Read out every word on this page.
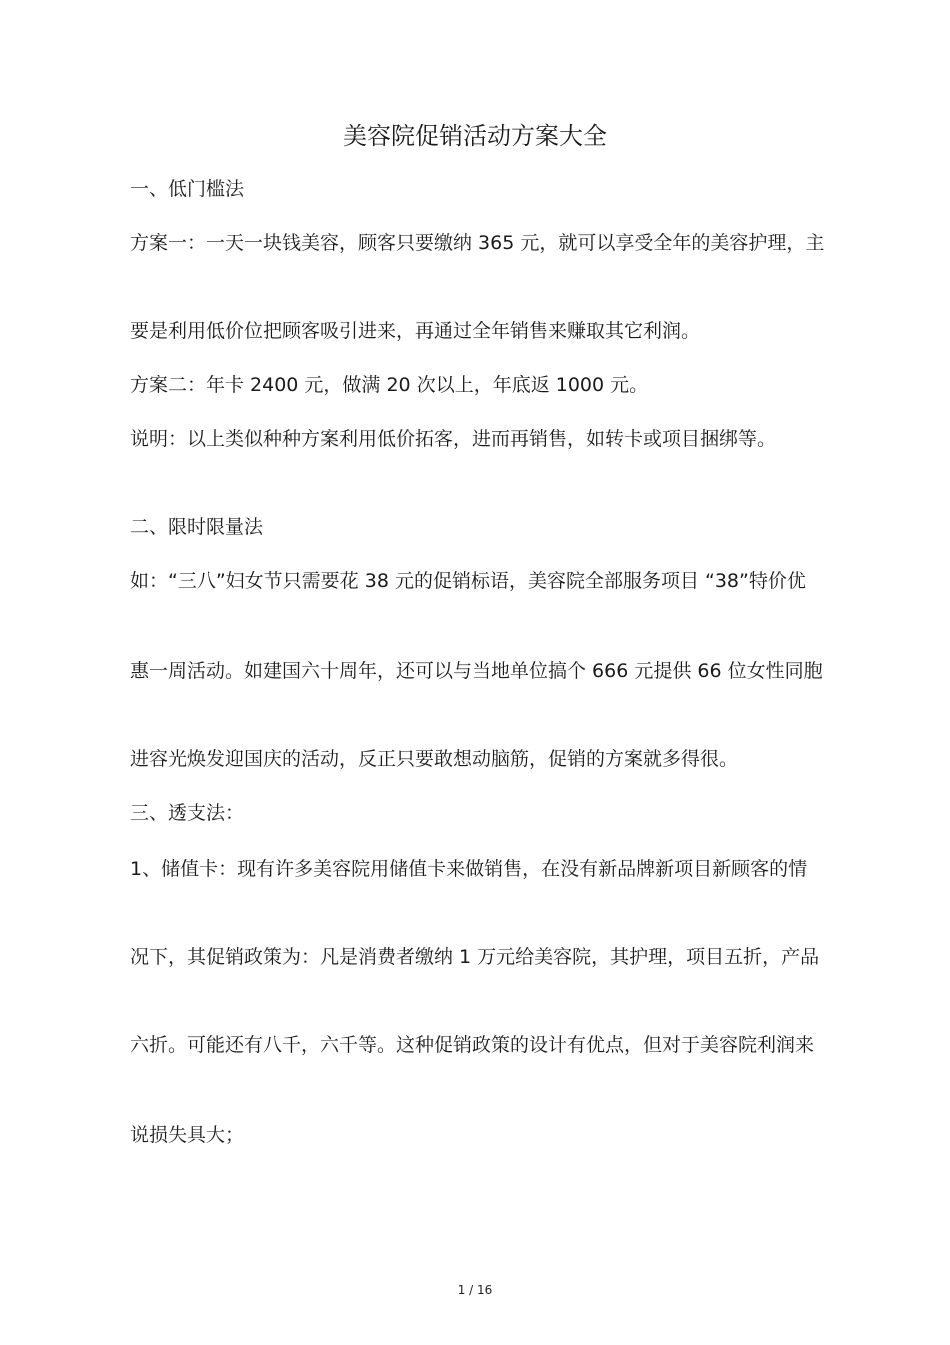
美容院促销活动方案大全

一、低门槛法

方案一：一天一块钱美容，顾客只要缴纳 365 元，就可以享受全年的美容护理，主

要是利用低价位把顾客吸引进来，再通过全年销售来赚取其它利润。

方案二：年卡 2400 元，做满 20 次以上，年底返 1000 元。

说明：以上类似种种方案利用低价拓客，进而再销售，如转卡或项目捆绑等。

二、限时限量法

如：“三八”妇女节只需要花 38 元的促销标语，美容院全部服务项目 “38”特价优

惠一周活动。如建国六十周年，还可以与当地单位搞个 666 元提供 66 位女性同胞

进容光焕发迎国庆的活动，反正只要敢想动脑筋，促销的方案就多得很。

三、透支法：

1、储值卡：现有许多美容院用储值卡来做销售，在没有新品牌新项目新顾客的情

况下，其促销政策为：凡是消费者缴纳 1 万元给美容院，其护理，项目五折，产品

六折。可能还有八千，六千等。这种促销政策的设计有优点，但对于美容院利润来

说损失具大；

1 / 16
